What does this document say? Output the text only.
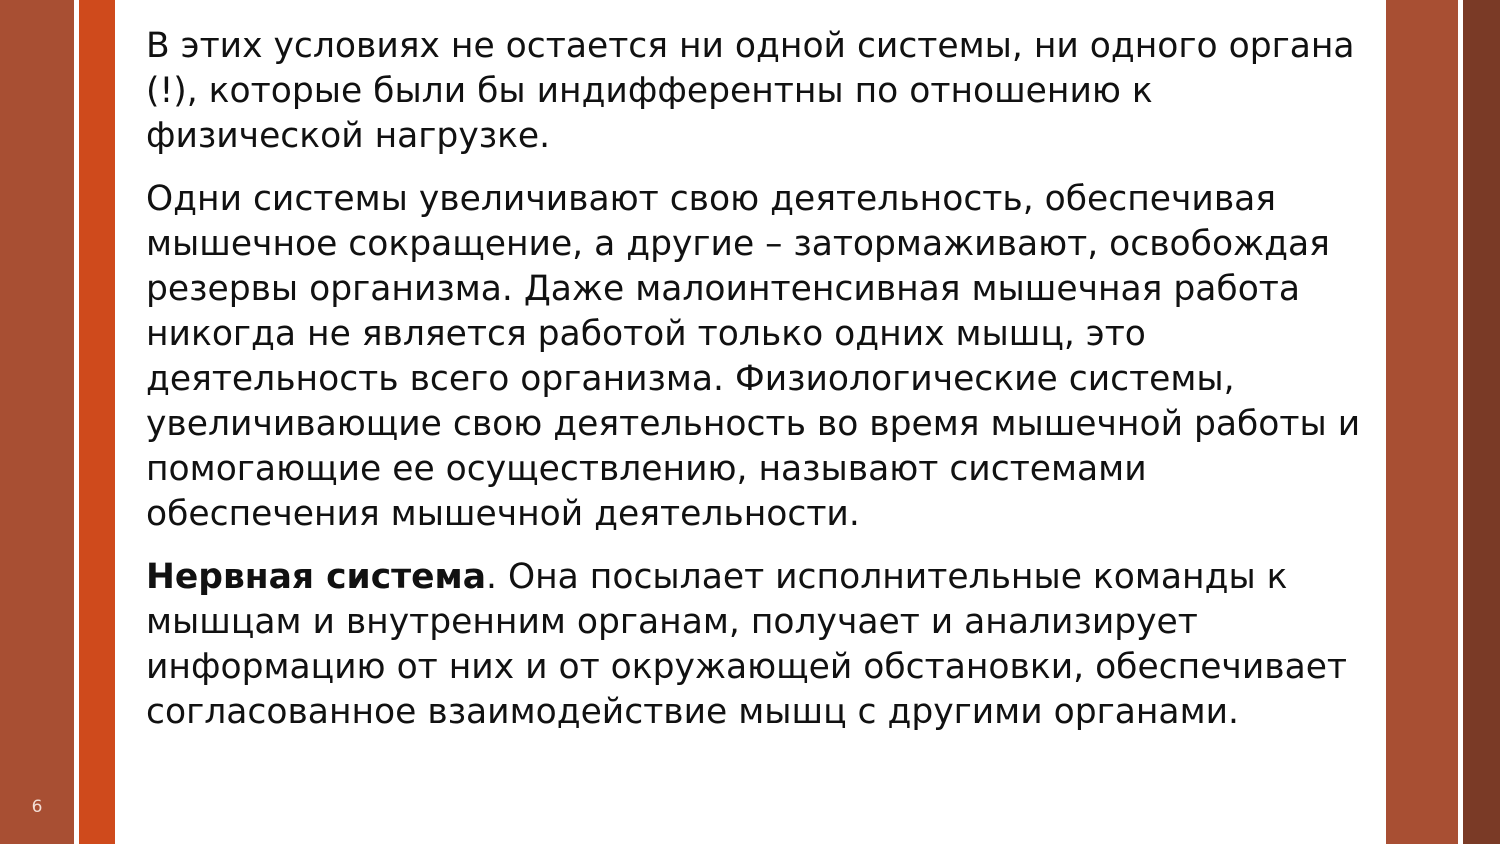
6

В этих условиях не остается ни одной системы, ни одного органа (!), которые были бы индифферентны по отношению к физической нагрузке.

Одни системы увеличивают свою деятельность, обеспечивая мышечное сокращение, а другие – затормаживают, освобождая резервы организма. Даже малоинтенсивная мышечная работа никогда не является работой только одних мышц, это деятельность всего организма. Физиологические системы, увеличивающие свою деятельность во время мышечной работы и помогающие ее осуществлению, называют системами обеспечения мышечной деятельности.

Нервная система. Она посылает исполнительные команды к мышцам и внутренним органам, получает и анализирует информацию от них и от окружающей обстановки, обеспечивает согласованное взаимодействие мышц с другими органами.
